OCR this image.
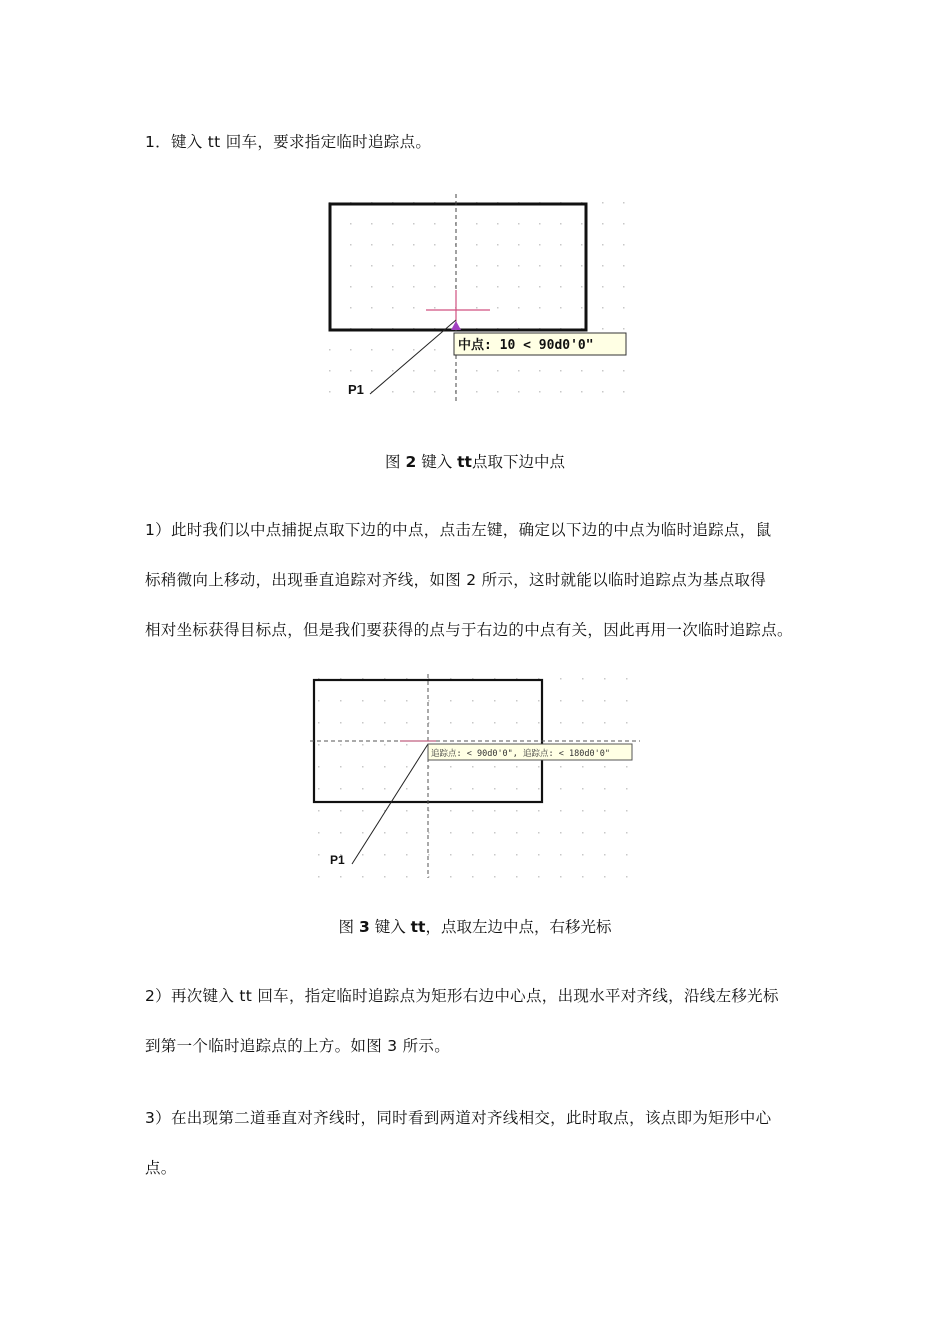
1．键入 tt 回车，要求指定临时追踪点。

中点: 10 < 90d0'0"
P1

图 2 键入 tt点取下边中点

1）此时我们以中点捕捉点取下边的中点，点击左键，确定以下边的中点为临时追踪点，鼠
标稍微向上移动，出现垂直追踪对齐线，如图 2 所示，这时就能以临时追踪点为基点取得
相对坐标获得目标点，但是我们要获得的点与于右边的中点有关，因此再用一次临时追踪点。

追踪点: < 90d0'0", 追踪点: < 180d0'0"
P1

图 3 键入 tt，点取左边中点，右移光标

2）再次键入 tt 回车，指定临时追踪点为矩形右边中心点，出现水平对齐线，沿线左移光标
到第一个临时追踪点的上方。如图 3 所示。

3）在出现第二道垂直对齐线时，同时看到两道对齐线相交，此时取点，该点即为矩形中心
点。
